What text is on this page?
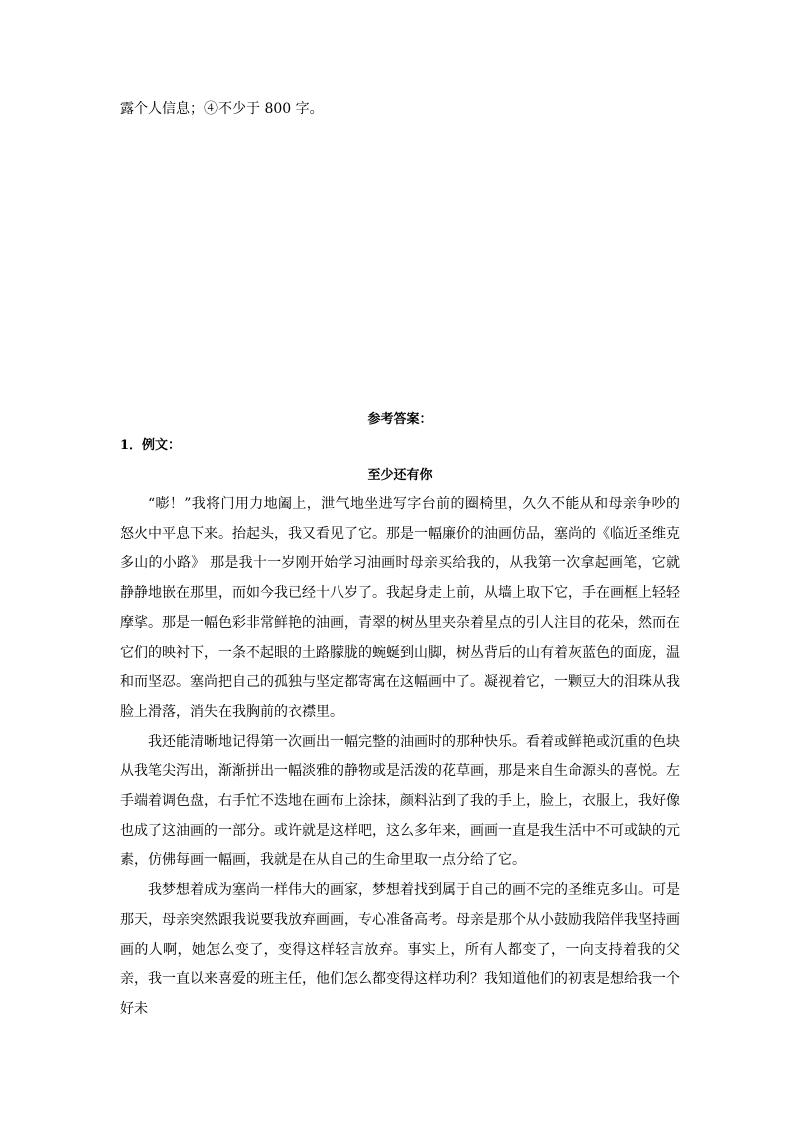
露个人信息；④不少于 800 字。
参考答案：
1．例文：
至少还有你

“嘭！”我将门用力地阖上，泄气地坐进写字台前的圈椅里，久久不能从和母亲争吵的怒火中平息下来。抬起头，我又看见了它。那是一幅廉价的油画仿品，塞尚的《临近圣维克多山的小路》 那是我十一岁刚开始学习油画时母亲买给我的，从我第一次拿起画笔，它就静静地嵌在那里，而如今我已经十八岁了。我起身走上前，从墙上取下它，手在画框上轻轻摩挲。那是一幅色彩非常鲜艳的油画，青翠的树丛里夹杂着星点的引人注目的花朵，然而在它们的映衬下，一条不起眼的土路朦胧的蜿蜒到山脚，树丛背后的山有着灰蓝色的面庞，温和而坚忍。塞尚把自己的孤独与坚定都寄寓在这幅画中了。凝视着它，一颗豆大的泪珠从我脸上滑落，消失在我胸前的衣襟里。

我还能清晰地记得第一次画出一幅完整的油画时的那种快乐。看着或鲜艳或沉重的色块从我笔尖泻出，渐渐拼出一幅淡雅的静物或是活泼的花草画，那是来自生命源头的喜悦。左手端着调色盘，右手忙不迭地在画布上涂抹，颜料沾到了我的手上，脸上，衣服上，我好像也成了这油画的一部分。或许就是这样吧，这么多年来，画画一直是我生活中不可或缺的元素，仿佛每画一幅画，我就是在从自己的生命里取一点分给了它。

我梦想着成为塞尚一样伟大的画家，梦想着找到属于自己的画不完的圣维克多山。可是那天，母亲突然跟我说要我放弃画画，专心准备高考。母亲是那个从小鼓励我陪伴我坚持画画的人啊，她怎么变了，变得这样轻言放弃。事实上，所有人都变了，一向支持着我的父亲，我一直以来喜爱的班主任，他们怎么都变得这样功利？我知道他们的初衷是想给我一个好未
